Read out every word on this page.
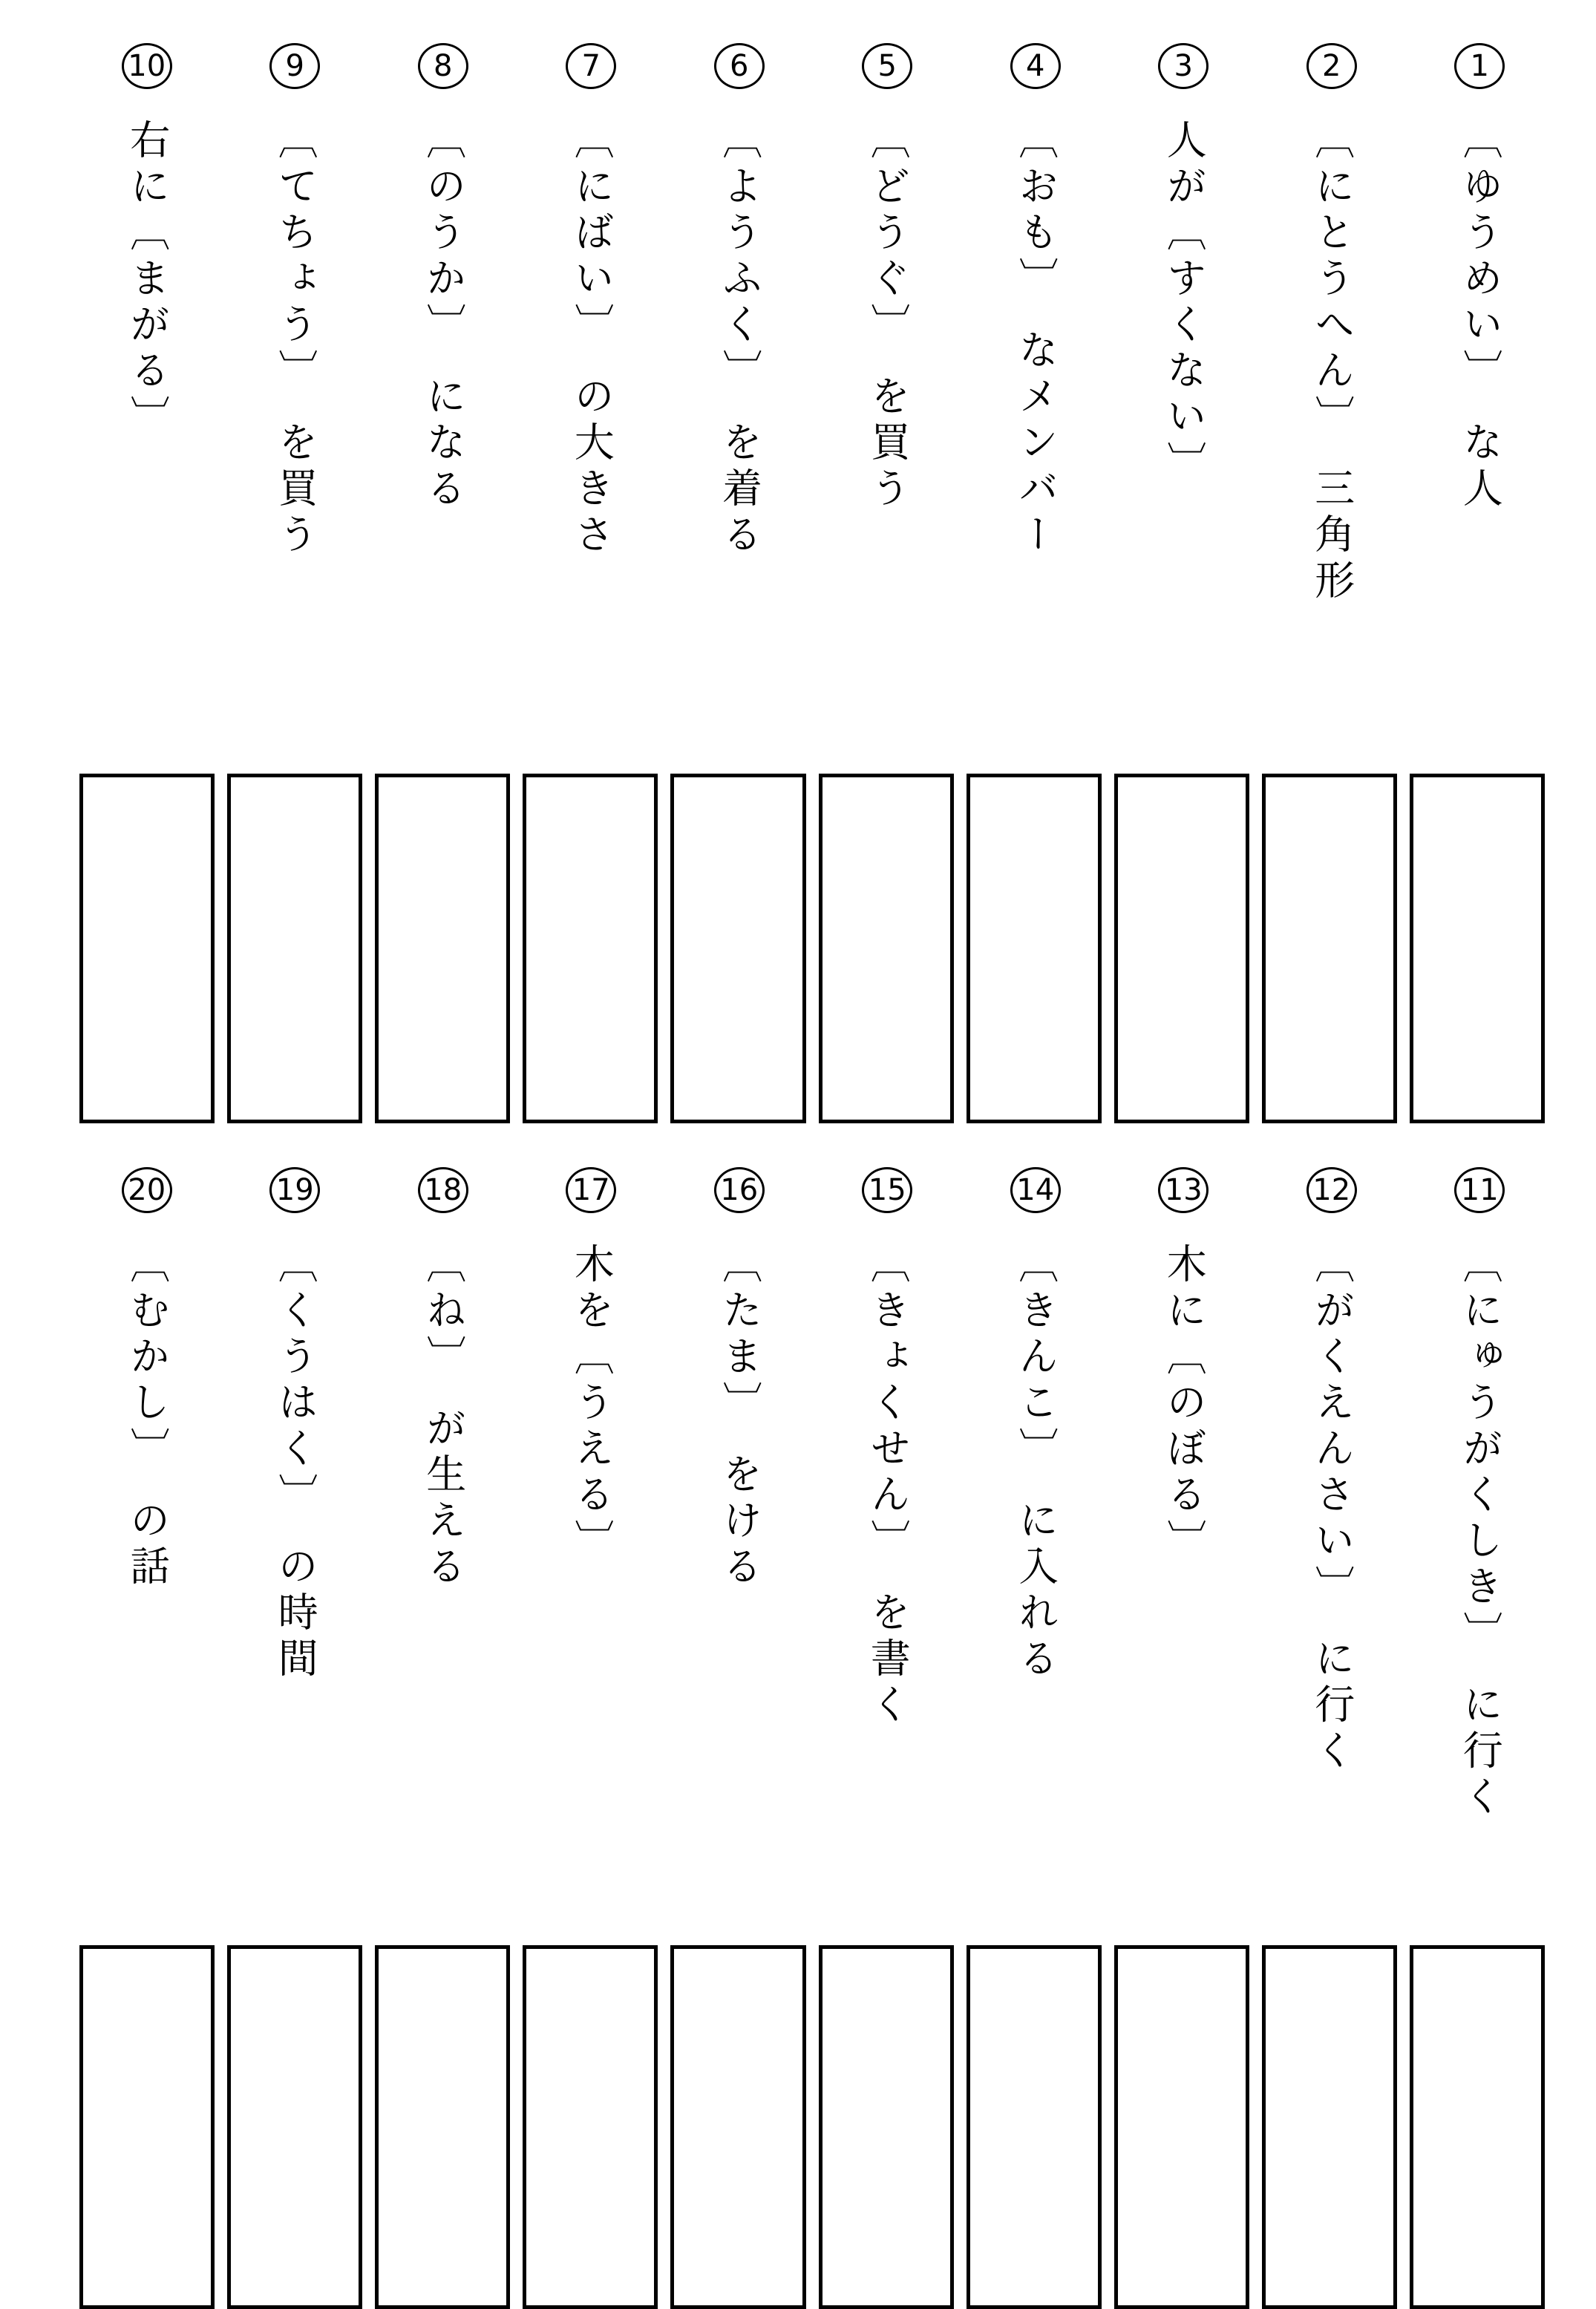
1
〔ゆうめい〕　な人
2
〔にとうへん〕　三角形
3
人が〔すくない〕
4
〔おも〕　なメンバー
5
〔どうぐ〕　を買う
6
〔ようふく〕　を着る
7
〔にばい〕　の大きさ
8
〔のうか〕　になる
9
〔てちょう〕　を買う
10
右に〔まがる〕
11
〔にゅうがくしき〕　に行く
12
〔がくえんさい〕　に行く
13
木に〔のぼる〕
14
〔きんこ〕　に入れる
15
〔きょくせん〕　を書く
16
〔たま〕　をける
17
木を〔うえる〕
18
〔ね〕　が生える
19
〔くうはく〕　の時間
20
〔むかし〕　の話
